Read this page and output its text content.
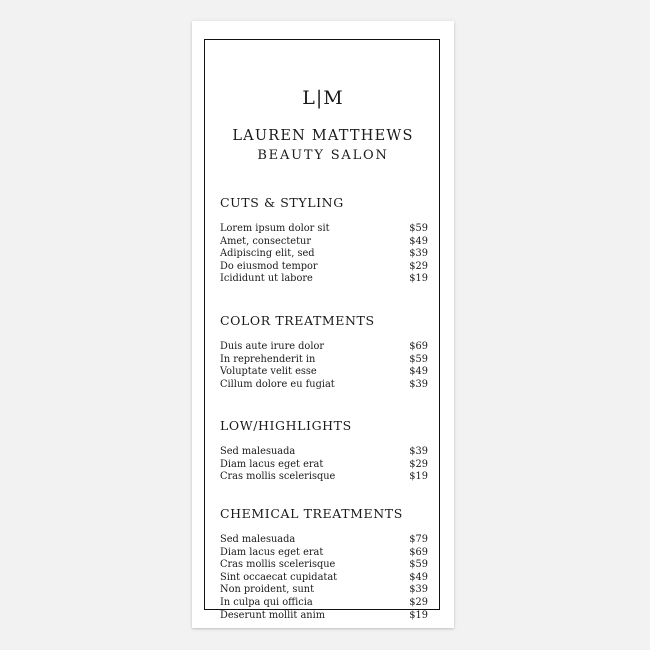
L|M
LAUREN MATTHEWS
BEAUTY SALON
CUTS & STYLING
Lorem ipsum dolor sit	$59
Amet, consectetur	$49
Adipiscing elit, sed	$39
Do eiusmod tempor	$29
Icididunt ut labore	$19
COLOR TREATMENTS
Duis aute irure dolor	$69
In reprehenderit in	$59
Voluptate velit esse	$49
Cillum dolore eu fugiat	$39
LOW/HIGHLIGHTS
Sed malesuada	$39
Diam lacus eget erat	$29
Cras mollis scelerisque	$19
CHEMICAL TREATMENTS
Sed malesuada	$79
Diam lacus eget erat	$69
Cras mollis scelerisque	$59
Sint occaecat cupidatat	$49
Non proident, sunt	$39
In culpa qui officia	$29
Deserunt mollit anim	$19
